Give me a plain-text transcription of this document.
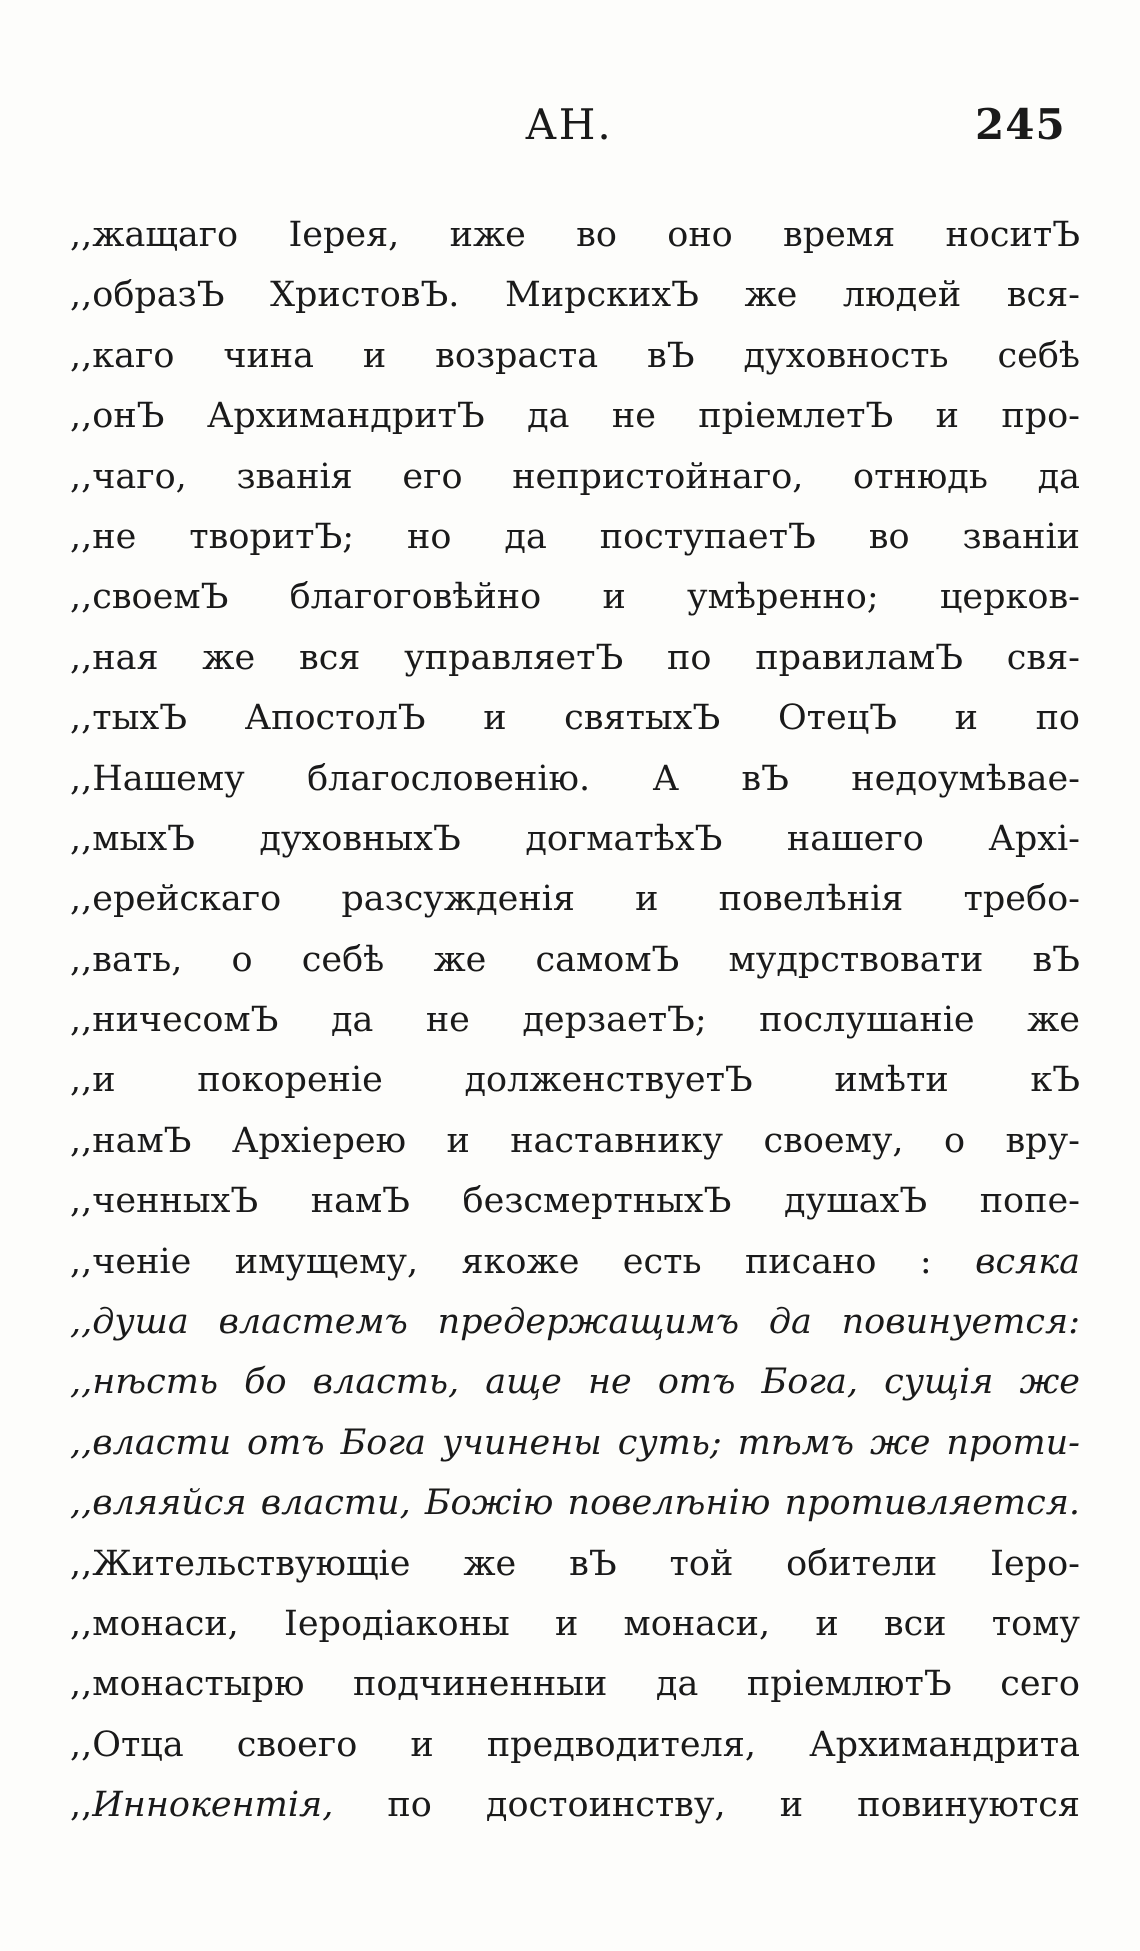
АН.	245
,,жащаго Іерея, иже во оно время носитЪ
,,образЪ ХристовЪ. МирскихЪ же людей вся-
,,каго чина и возраста вЪ духовность себѣ
,,онЪ АрхимандритЪ да не пріемлетЪ и про-
,,чаго, званія его непристойнаго, отнюдь да
,,не творитЪ; но да поступаетЪ во званіи
,,своемЪ благоговѣйно и умѣренно; церков-
,,ная же вся управляетЪ по правиламЪ свя-
,,тыхЪ АпостолЪ и святыхЪ ОтецЪ и по
,,Нашему благословенію. А вЪ недоумѣвае-
,,мыхЪ духовныхЪ догматѣхЪ нашего Архі-
,,ерейскаго разсужденія и повелѣнія требо-
,,вать, о себѣ же самомЪ мудрствовати вЪ
,,ничесомЪ да не дерзаетЪ; послушаніе же
,,и покореніе долженствуетЪ имѣти кЪ
,,намЪ Архіерею и наставнику своему, о вру-
,,ченныхЪ намЪ безсмертныхЪ душахЪ попе-
,,ченіе имущему, якоже есть писано : всяка
,,душа властемъ предержащимъ да повинуется:
,,нѣсть бо власть, аще не отъ Бога, сущія же
,,власти отъ Бога учинены суть; тѣмъ же проти-
,,вляяйся власти, Божію повелѣнію противляется.
,,Жительствующіе же вЪ той обители Іеро-
,,монаси, Іеродіаконы и монаси, и вси тому
,,монастырю подчиненныи да пріемлютЪ сего
,,Отца своего и предводителя, Архимандрита
,,Иннокентія, по достоинству, и повинуются
